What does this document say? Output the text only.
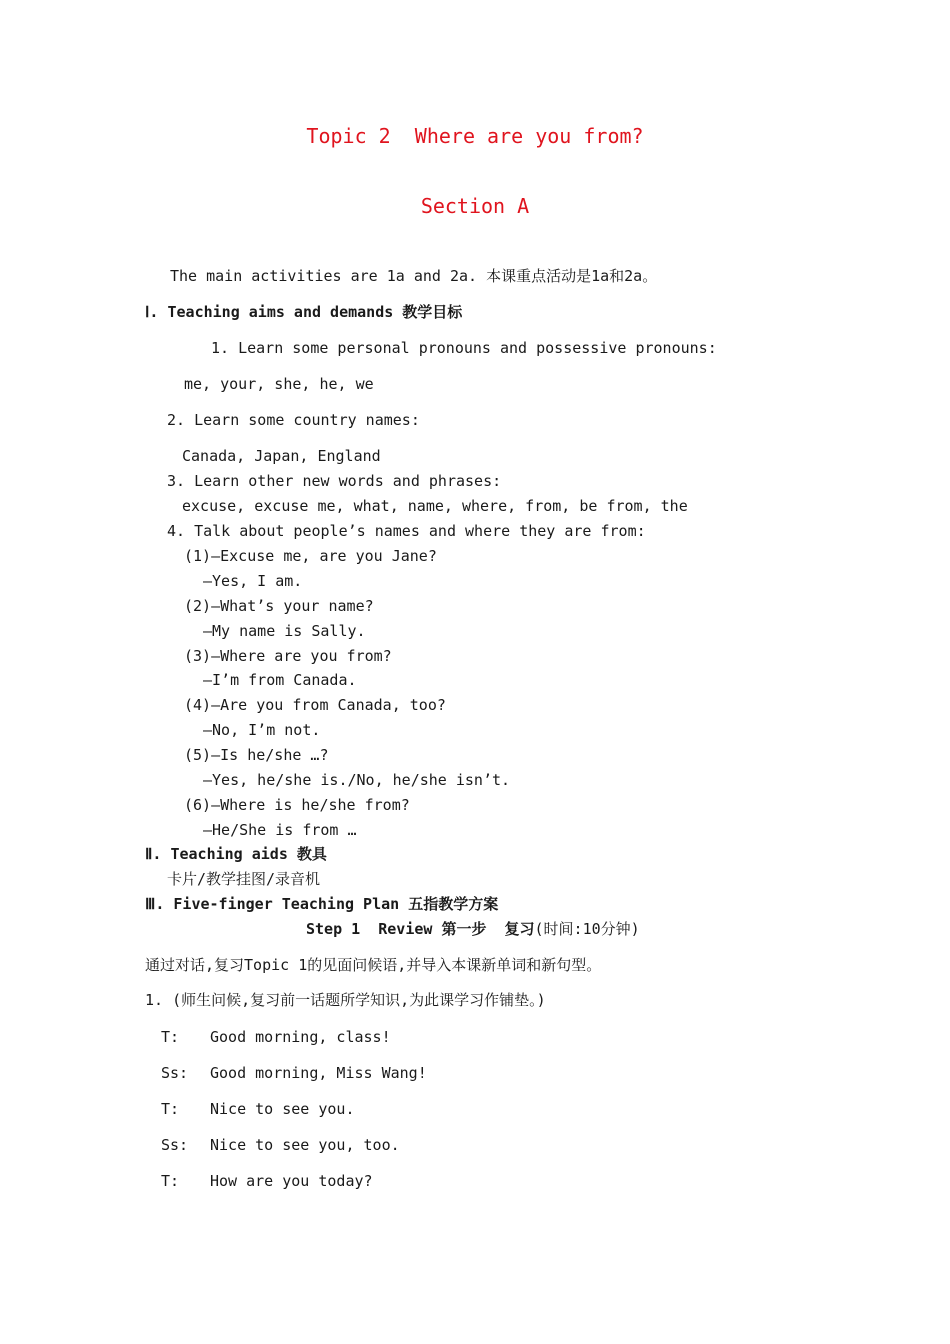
Topic 2  Where are you from?
Section A
The main activities are 1a and 2a. 本课重点活动是1a和2a。
Ⅰ. Teaching aims and demands 教学目标
1. Learn some personal pronouns and possessive pronouns:
me, your, she, he, we
2. Learn some country names:
Canada, Japan, England
3. Learn other new words and phrases:
excuse, excuse me, what, name, where, from, be from, the
4. Talk about people’s names and where they are from:
(1)—Excuse me, are you Jane?
—Yes, I am.
(2)—What’s your name?
—My name is Sally.
(3)—Where are you from?
—I’m from Canada.
(4)—Are you from Canada, too?
—No, I’m not.
(5)—Is he/she …?
—Yes, he/she is./No, he/she isn’t.
(6)—Where is he/she from?
—He/She is from …
Ⅱ. Teaching aids 教具
卡片/教学挂图/录音机
Ⅲ. Five-finger Teaching Plan 五指教学方案
Step 1  Review 第一步  复习(时间:10分钟)
通过对话,复习Topic 1的见面问候语,并导入本课新单词和新句型。
1. (师生问候,复习前一话题所学知识,为此课学习作铺垫。)
T: Good morning, class!
Ss: Good morning, Miss Wang!
T: Nice to see you.
Ss: Nice to see you, too.
T: How are you today?
